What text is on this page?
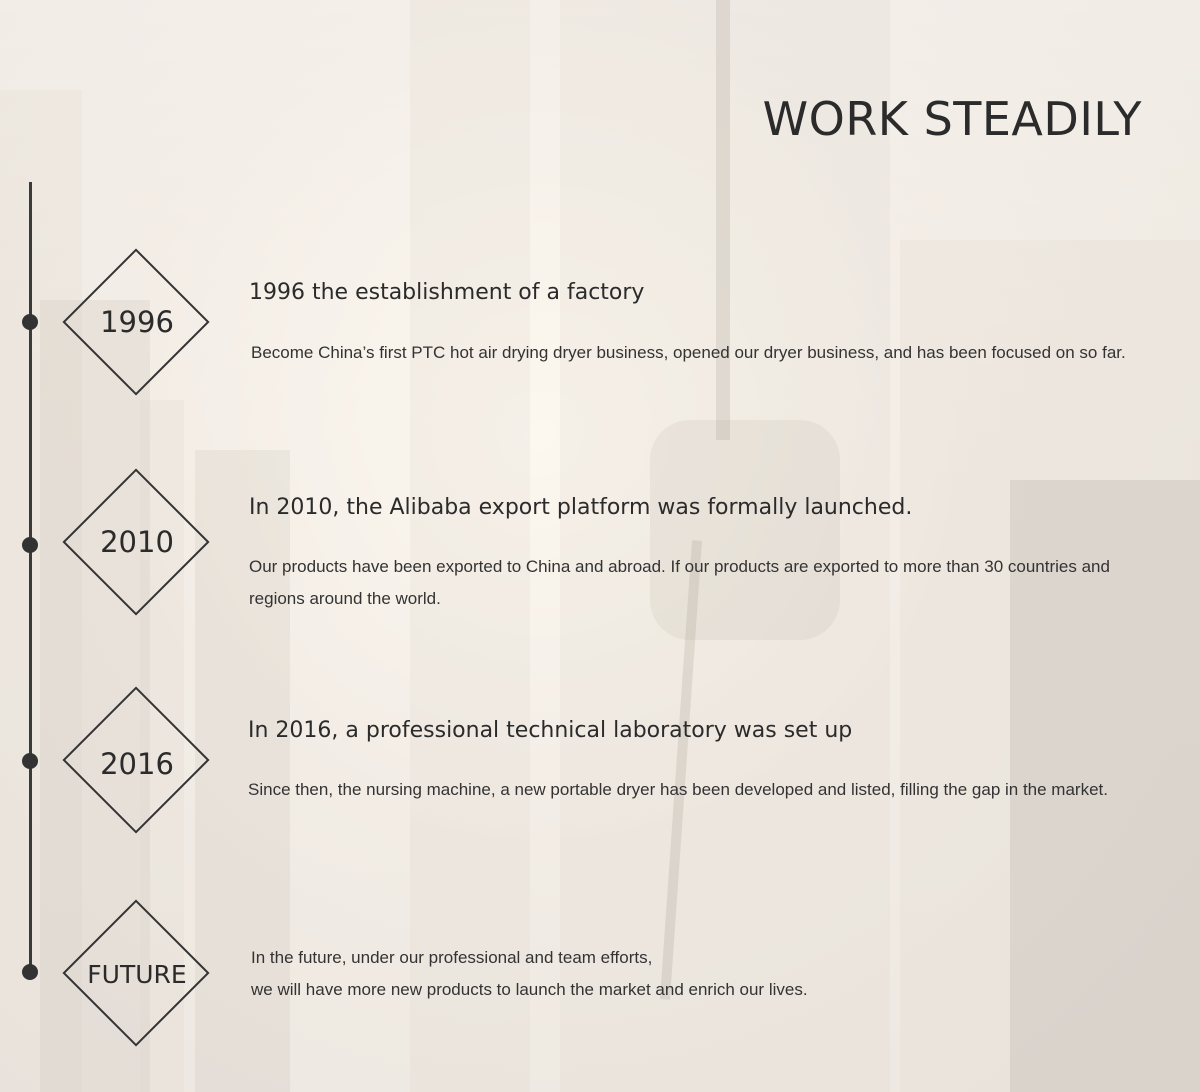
WORK STEADILY
1996
1996 the establishment of a factory

Become China’s first PTC hot air drying dryer business, opened our dryer business, and has been focused on so far.

2010
In 2010, the Alibaba export platform was formally launched.

Our products have been exported to China and abroad. If our products are exported to more than 30 countries and regions around the world.

2016
In 2016, a professional technical laboratory was set up

Since then, the nursing machine, a new portable dryer has been developed and listed, filling the gap in the market.

FUTURE

In the future, under our professional and team efforts,
we will have more new products to launch the market and enrich our lives.
